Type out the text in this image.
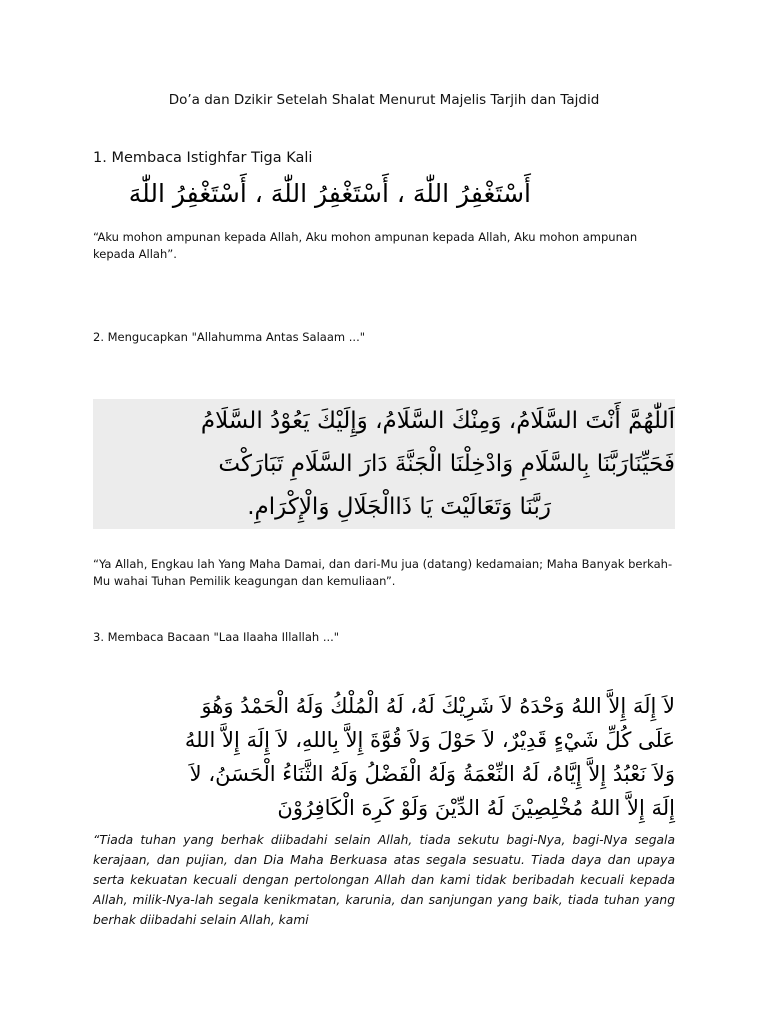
Do’a dan Dzikir Setelah Shalat Menurut Majelis Tarjih dan Tajdid
1. Membaca Istighfar Tiga Kali
أَسْتَغْفِرُ اللّٰهَ ، أَسْتَغْفِرُ اللّٰهَ ، أَسْتَغْفِرُ اللّٰهَ
“Aku mohon ampunan kepada Allah, Aku mohon ampunan kepada Allah, Aku mohon ampunan kepada Allah”.
2. Mengucapkan "Allahumma Antas Salaam ..."
اَللّٰهُمَّ أَنْتَ السَّلَامُ، وَمِنْكَ السَّلَامُ، وَإِلَيْكَ يَعُوْدُ السَّلَامُ
فَحَيِّنَارَبَّنَا بِالسَّلَامِ وَادْخِلْنَا الْجَنَّةَ دَارَ السَّلَامِ تَبَارَكْتَ
رَبَّنَا وَتَعَالَيْتَ يَا ذَاالْجَلَالِ وَالْإِكْرَامِ.
“Ya Allah, Engkau lah Yang Maha Damai, dan dari-Mu jua (datang) kedamaian; Maha Banyak berkah-Mu wahai Tuhan Pemilik keagungan dan kemuliaan”.
3. Membaca Bacaan "Laa Ilaaha Illallah ..."
لاَ إِلَهَ إِلاَّ اللهُ وَحْدَهُ لاَ شَرِيْكَ لَهُ، لَهُ الْمُلْكُ وَلَهُ الْحَمْدُ وَهُوَ
عَلَى كُلِّ شَيْءٍ قَدِيْرٌ، لاَ حَوْلَ وَلاَ قُوَّةَ إِلاَّ بِاللهِ، لاَ إِلَهَ إِلاَّ اللهُ
وَلاَ نَعْبُدُ إِلاَّ إِيَّاهُ، لَهُ النِّعْمَةُ وَلَهُ الْفَضْلُ وَلَهُ الثَّنَاءُ الْحَسَنُ، لاَ
إِلَهَ إِلاَّ اللهُ مُخْلِصِيْنَ لَهُ الدِّيْنَ وَلَوْ كَرِهَ الْكَافِرُوْنَ
“Tiada tuhan yang berhak diibadahi selain Allah, tiada sekutu bagi-Nya, bagi-Nya segala kerajaan, dan pujian, dan Dia Maha Berkuasa atas segala sesuatu. Tiada daya dan upaya serta kekuatan kecuali dengan pertolongan Allah dan kami tidak beribadah kecuali kepada Allah, milik-Nya-lah segala kenikmatan, karunia, dan sanjungan yang baik, tiada tuhan yang berhak diibadahi selain Allah, kami
